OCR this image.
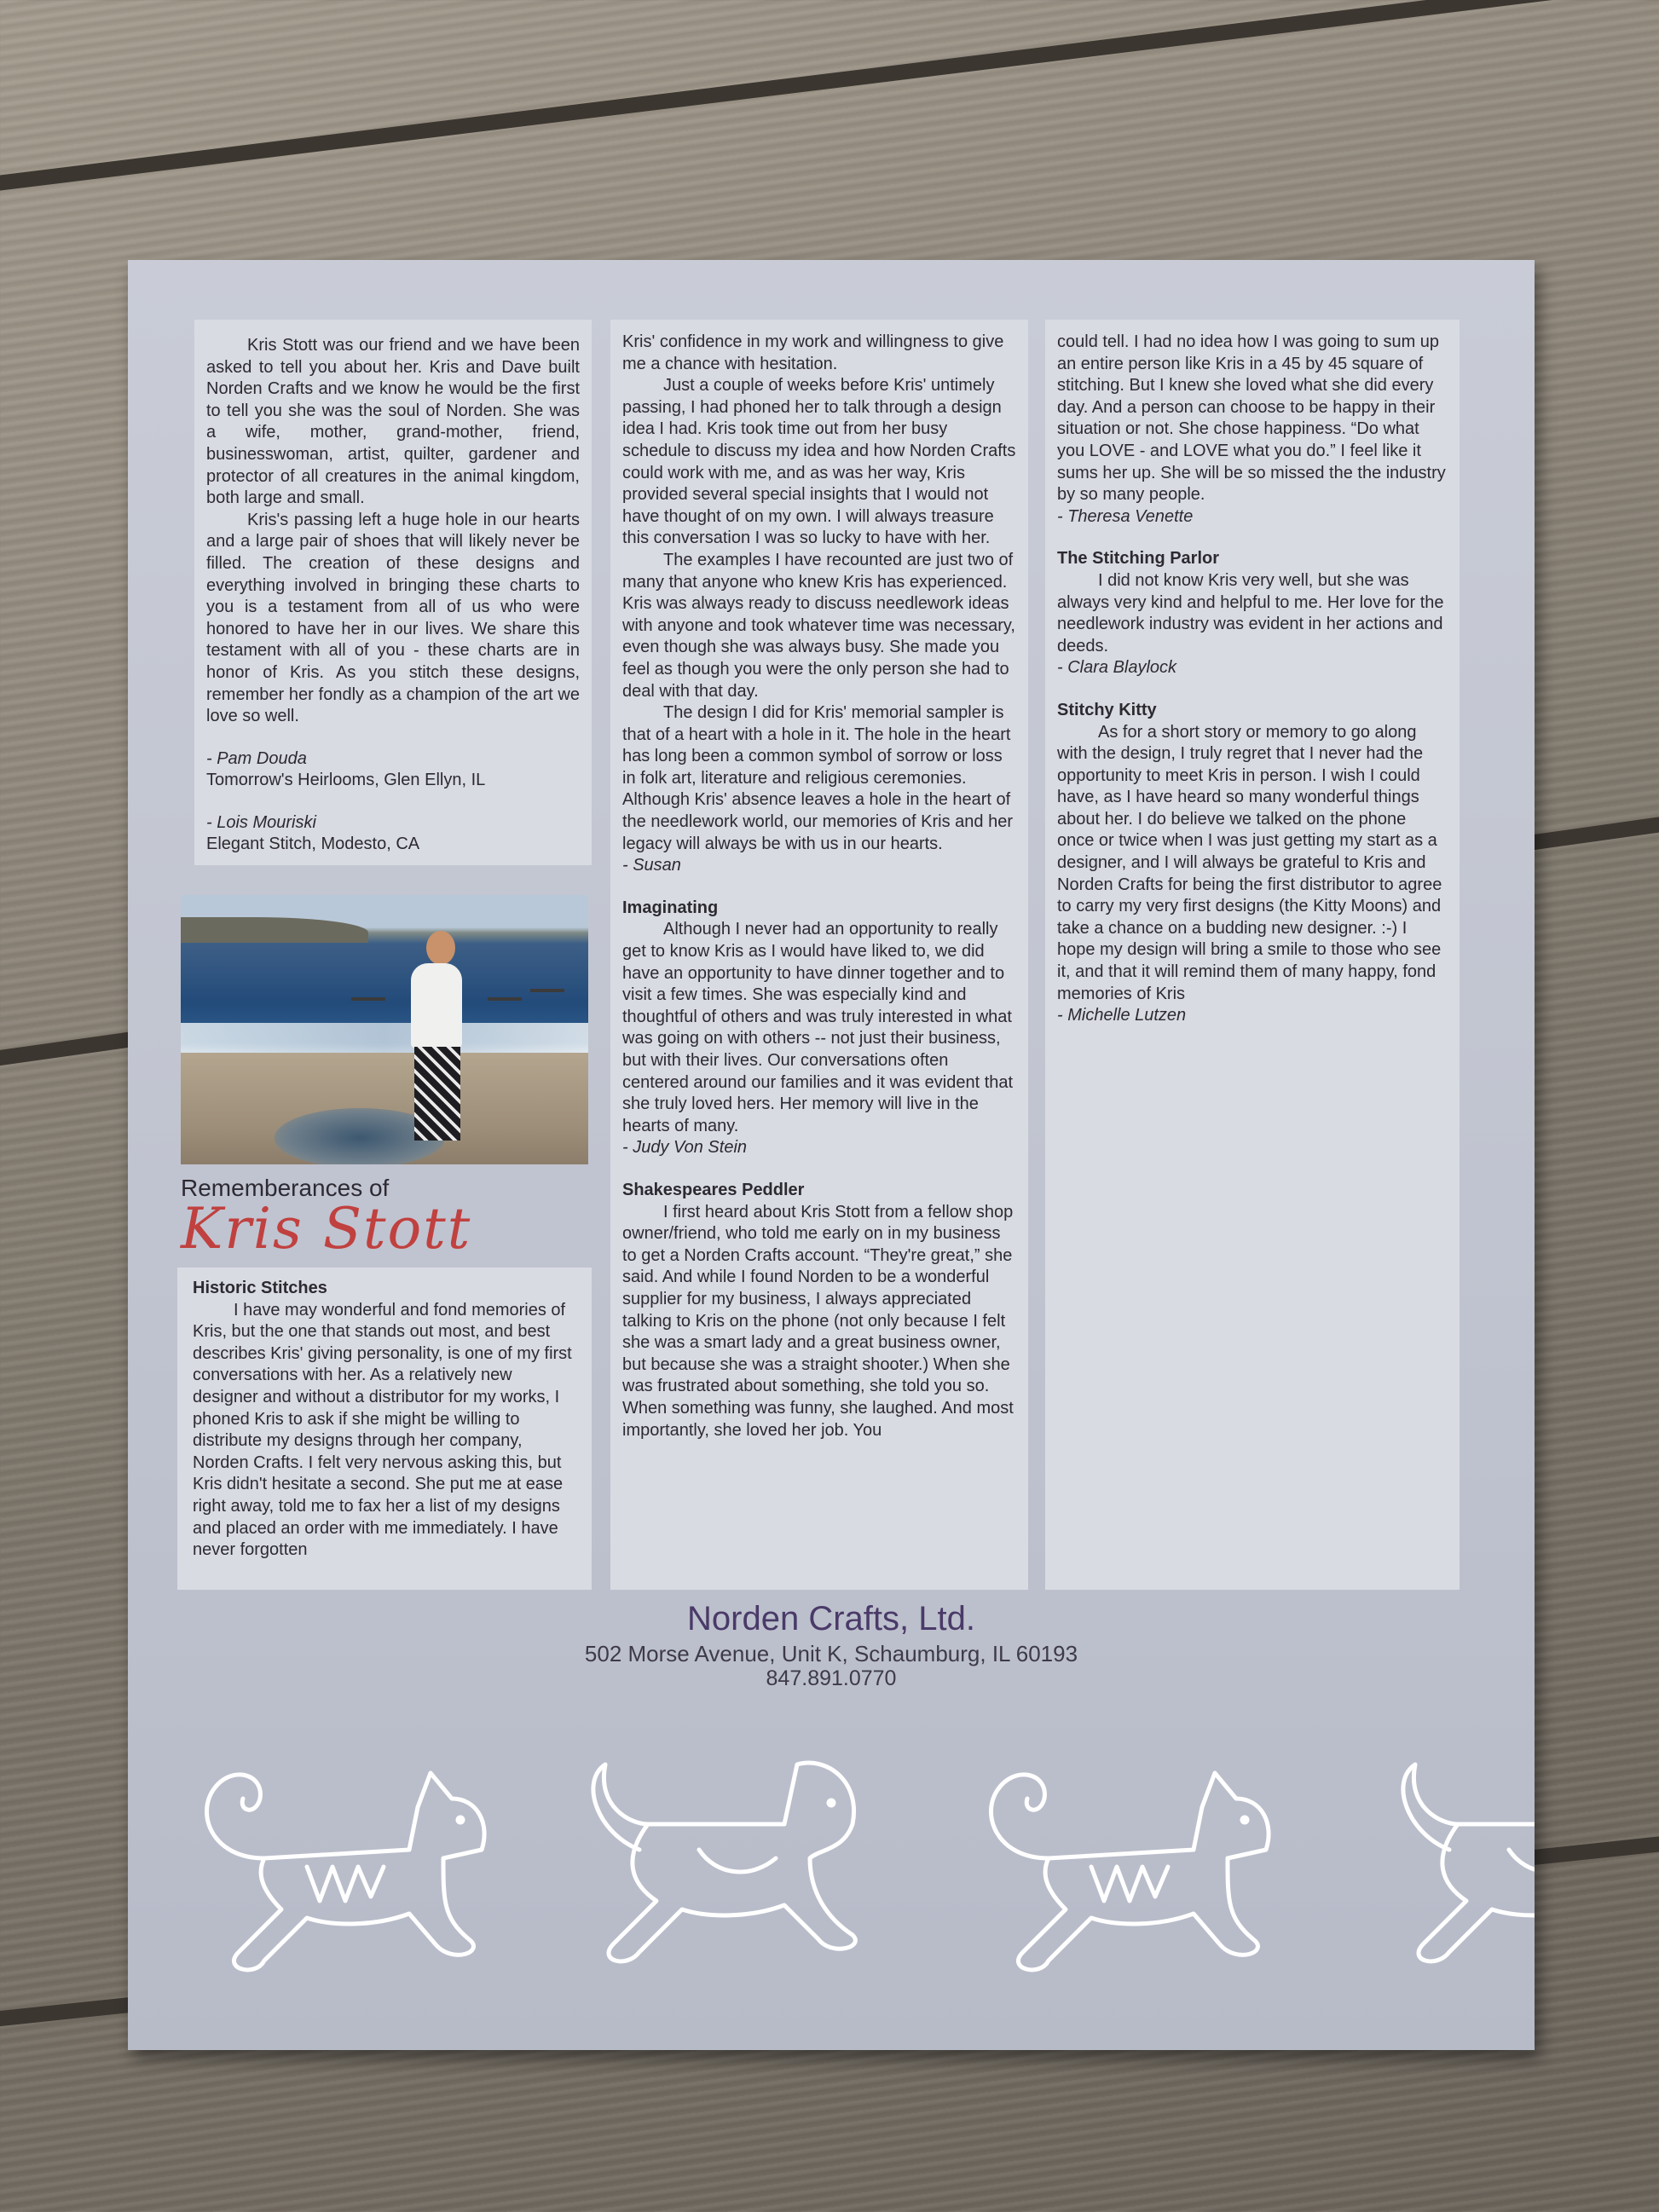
Kris Stott was our friend and we have been asked to tell you about her. Kris and Dave built Norden Crafts and we know he would be the first to tell you she was the soul of Norden. She was a wife, mother, grand-mother, friend, businesswoman, artist, quilter, gardener and protector of all creatures in the animal kingdom, both large and small.

Kris's passing left a huge hole in our hearts and a large pair of shoes that will likely never be filled. The creation of these designs and everything involved in bringing these charts to you is a testament from all of us who were honored to have her in our lives. We share this testament with all of you - these charts are in honor of Kris. As you stitch these designs, remember her fondly as a champion of the art we love so well.

- Pam Douda

Tomorrow's Heirlooms, Glen Ellyn, IL

- Lois Mouriski

Elegant Stitch, Modesto, CA

Rememberances of
Kris Stott

Historic Stitches

I have may wonderful and fond memories of Kris, but the one that stands out most, and best describes Kris' giving personality, is one of my first conversations with her. As a relatively new designer and without a distributor for my works, I phoned Kris to ask if she might be willing to distribute my designs through her company, Norden Crafts. I felt very nervous asking this, but Kris didn't hesitate a second. She put me at ease right away, told me to fax her a list of my designs and placed an order with me immediately. I have never forgotten

Kris' confidence in my work and willingness to give me a chance with hesitation.

Just a couple of weeks before Kris' untimely passing, I had phoned her to talk through a design idea I had. Kris took time out from her busy schedule to discuss my idea and how Norden Crafts could work with me, and as was her way, Kris provided several special insights that I would not have thought of on my own. I will always treasure this conversation I was so lucky to have with her.

The examples I have recounted are just two of many that anyone who knew Kris has experienced. Kris was always ready to discuss needlework ideas with anyone and took whatever time was necessary, even though she was always busy. She made you feel as though you were the only person she had to deal with that day.

The design I did for Kris' memorial sampler is that of a heart with a hole in it. The hole in the heart has long been a common symbol of sorrow or loss in folk art, literature and religious ceremonies. Although Kris' absence leaves a hole in the heart of the needlework world, our memories of Kris and her legacy will always be with us in our hearts.

- Susan

Imaginating

Although I never had an opportunity to really get to know Kris as I would have liked to, we did have an opportunity to have dinner together and to visit a few times. She was especially kind and thoughtful of others and was truly interested in what was going on with others -- not just their business, but with their lives. Our conversations often centered around our families and it was evident that she truly loved hers. Her memory will live in the hearts of many.

- Judy Von Stein

Shakespeares Peddler

I first heard about Kris Stott from a fellow shop owner/friend, who told me early on in my business to get a Norden Crafts account. “They're great,” she said. And while I found Norden to be a wonderful supplier for my business, I always appreciated talking to Kris on the phone (not only because I felt she was a smart lady and a great business owner, but because she was a straight shooter.) When she was frustrated about something, she told you so. When something was funny, she laughed. And most importantly, she loved her job. You

could tell. I had no idea how I was going to sum up an entire person like Kris in a 45 by 45 square of stitching. But I knew she loved what she did every day. And a person can choose to be happy in their situation or not. She chose happiness. “Do what you LOVE - and LOVE what you do.” I feel like it sums her up. She will be so missed the the industry by so many people.

- Theresa Venette

The Stitching Parlor

I did not know Kris very well, but she was always very kind and helpful to me. Her love for the needlework industry was evident in her actions and deeds.

- Clara Blaylock

Stitchy Kitty

As for a short story or memory to go along with the design, I truly regret that I never had the opportunity to meet Kris in person. I wish I could have, as I have heard so many wonderful things about her. I do believe we talked on the phone once or twice when I was just getting my start as a designer, and I will always be grateful to Kris and Norden Crafts for being the first distributor to agree to carry my very first designs (the Kitty Moons) and take a chance on a budding new designer. :-) I hope my design will bring a smile to those who see it, and that it will remind them of many happy, fond memories of Kris

- Michelle Lutzen

Norden Crafts, Ltd.
502 Morse Avenue, Unit K, Schaumburg, IL 60193
847.891.0770
